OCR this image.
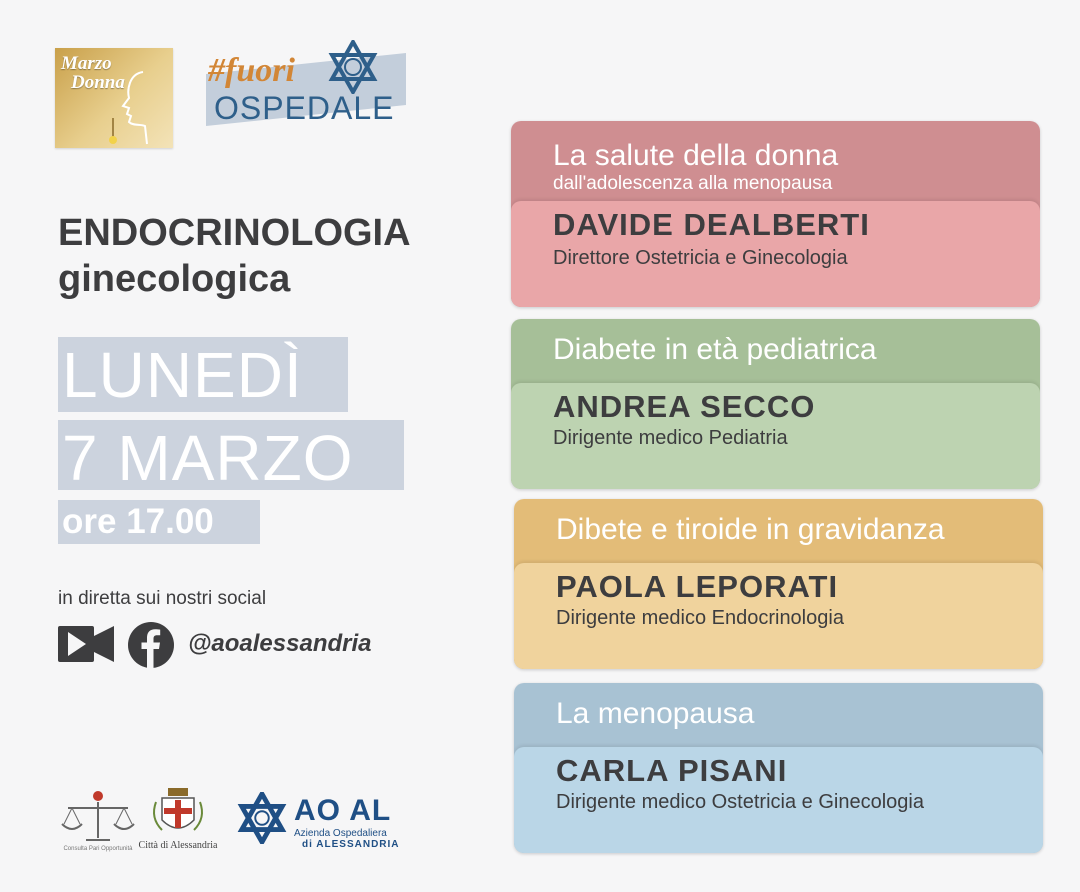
Marzo
Donna #fuori
OSPEDALE
ENDOCRINOLOGIA
ginecologica
LUNEDÌ
7 MARZO
ore 17.00
in diretta sui nostri social
@aoalessandria
Consulta Pari Opportunità Città di Alessandria
AO AL
Azienda Ospedaliera
di ALESSANDRIA
La salute della donna
dall'adolescenza alla menopausa
DAVIDE DEALBERTI
Direttore Ostetricia e Ginecologia
Diabete in età pediatrica
ANDREA SECCO
Dirigente medico Pediatria
Dibete e tiroide in gravidanza
PAOLA LEPORATI
Dirigente medico Endocrinologia
La menopausa
CARLA PISANI
Dirigente medico Ostetricia e Ginecologia
